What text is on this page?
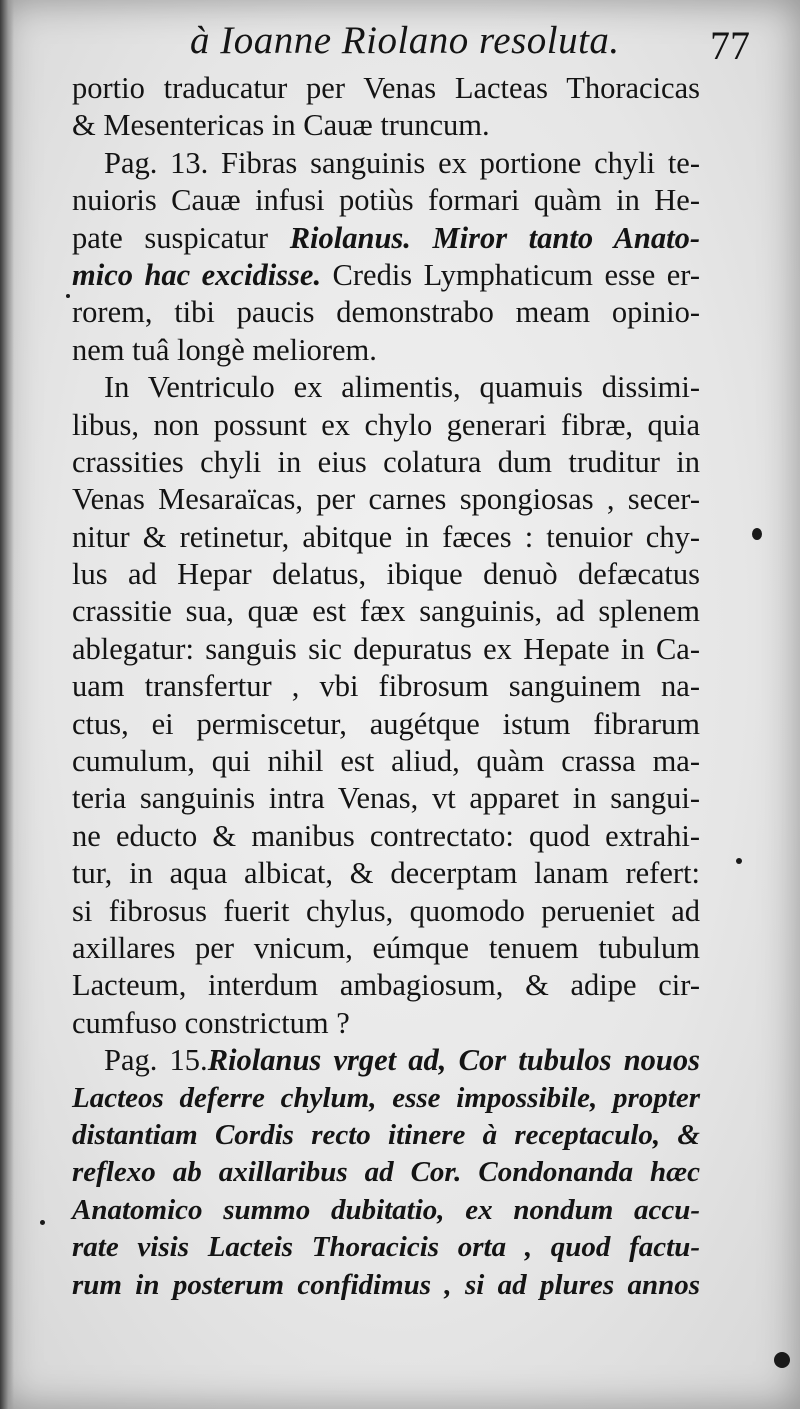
à Ioanne Riolano resoluta. 77
portio traducatur per Venas Lacteas Thoracicas
& Mesentericas in Cauæ truncum.
Pag. 13. Fibras sanguinis ex portione chyli te-
nuioris Cauæ infusi potiùs formari quàm in He-
pate suspicatur Riolanus. Miror tanto Anato-
mico hac excidisse. Credis Lymphaticum esse er-
rorem, tibi paucis demonstrabo meam opinio-
nem tuâ longè meliorem.
In Ventriculo ex alimentis, quamuis dissimi-
libus, non possunt ex chylo generari fibræ, quia
crassities chyli in eius colatura dum truditur in
Venas Mesaraïcas, per carnes spongiosas , secer-
nitur & retinetur, abitque in fæces : tenuior chy-
lus ad Hepar delatus, ibique denuò defæcatus
crassitie sua, quæ est fæx sanguinis, ad splenem
ablegatur: sanguis sic depuratus ex Hepate in Ca-
uam transfertur , vbi fibrosum sanguinem na-
ctus, ei permiscetur, augétque istum fibrarum
cumulum, qui nihil est aliud, quàm crassa ma-
teria sanguinis intra Venas, vt apparet in sangui-
ne educto & manibus contrectato: quod extrahi-
tur, in aqua albicat, & decerptam lanam refert:
si fibrosus fuerit chylus, quomodo perueniet ad
axillares per vnicum, eúmque tenuem tubulum
Lacteum, interdum ambagiosum, & adipe cir-
cumfuso constrictum ?
Pag. 15.Riolanus vrget ad, Cor tubulos nouos
Lacteos deferre chylum, esse impossibile, propter
distantiam Cordis recto itinere à receptaculo, &
reflexo ab axillaribus ad Cor. Condonanda hæc
Anatomico summo dubitatio, ex nondum accu-
rate visis Lacteis Thoracicis orta , quod factu-
rum in posterum confidimus , si ad plures annos
